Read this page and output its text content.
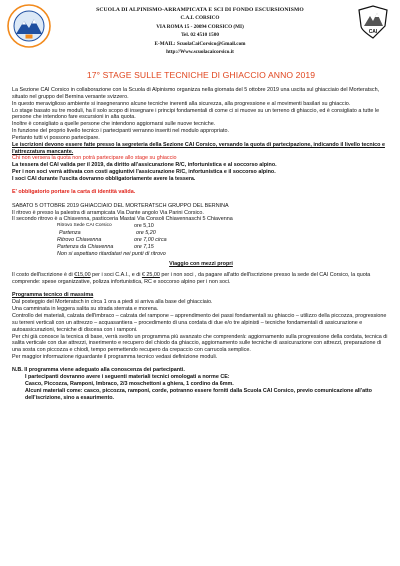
SCUOLA DI ALPINISMO-ARRAMPICATA E SCI DI FONDO ESCURSIONISMO
C.A.I. CORSICO
VIA ROMA 15 - 20094 CORSICO (MI)
Tel. 02 4510 1500
E-MAIL: ScuolaCaiCorsico@Gmail.com
http://Www.scuolacaicorsico.it
CAI
17° STAGE SULLE TECNICHE DI GHIACCIO ANNO 2019

La Sezione CAI Corsico in collaborazione con la Scuola di Alpinismo organizza nella giornata del 5 ottobre 2019 una uscita sul ghiacciaio del Morteratsch, situato nel gruppo del Bernina versante svizzero.

In questo meraviglioso ambiente si insegneranno alcune tecniche inerenti alla sicurezza, alla progressione e al movimenti basilari su ghiaccio.

Lo stage basato su tre moduli, ha il solo scopo di insegnare i principi fondamentali di come ci si muove su un terreno di ghiaccio, ed è consigliato a tutte le persone che intendono fare escursioni in alta quota.

Inoltre è consigliato a quelle persone che intendono aggiornarsi sulle nuove tecniche.

In funzione del proprio livello tecnico i partecipanti verranno inseriti nel modulo appropriato.

Pertanto tutti vi possono partecipare.

Le iscrizioni devono essere fatte presso la segreteria della Sezione CAI Corsico, versando la quota di partecipazione, indicando il livello tecnico e l'attrezzatura mancante.

Chi non versera la quota non potrà partecipare allo stage su ghiaccio

La tessera del CAI valida per il 2019, da diritto all'assicurazione R/C, infortunistica e al soccorso alpino.

Per i non soci verrà attivata con costi aggiuntivi l'assicurazione R/C, infortunistica e il soccorso alpino.

I soci CAI durante l'uscita dovranno obbligatoriamente avere la tessera.

E' obbligatorio portare la carta di identità valida.

SABATO 5 OTTOBRE 2019 GHIACCIAIO DEL MORTERATSCH GRUPPO DEL BERNINA

Il ritrovo è presso la palestra di arrampicata Via Dante angolo Via Parini Corsico.

Il secondo ritrovo è a Chiavenna, pasticceria Mastai Via Consoli Chiavennaschi 5 Chiavenna

Ritrovo Sede CAI Corsico	ore 5,10
Partenza	ore 5,20
Ritrovo Chiavenna	ore 7,00 circa
Partenza da Chiavenna	ore 7,15
Non si aspettano ritardatari nei punti di ritrovo

Viaggio con mezzi propri

Il costo dell'iscrizione è di €15,00 per i soci C.A.I., e di € 25,00 per i non soci , da pagare all'atto dell'iscrizione presso la sede del CAI Corsico, la quota comprende: spese organizzative, polizza infortunistica, RC e soccorso alpino per i non soci.

Programma tecnico di massima

Dal posteggio del Morteratsch in circa 1 ora a piedi si arriva alla base del ghiacciaio.

Una camminata in leggera salita su strada sterrata e morena.

Controllo dei materiali, calzata dell'imbraco – calzata del rampone – apprendimento dei passi fondamentali su ghiaccio – utilizzo della piccozza, progressione su terreni verticali con un attrezzo – acquasantiera – procedimento di una cordata di due e/o tre alpinisti – tecniche fondamentali di assicurazione e autoassicurazioni, tecniche di discesa con i ramponi.

Per chi già conosce la tecnica di base, verrà svolto un programma più avanzato che comprenderà: aggiornamento sulla progressione della cordata, tecnica di salita verticale con due attrezzi, inserimento e recupero del chiodo da ghiaccio, aggiornamento sulle tecniche di assicurazione con attrezzi, preparazione di una sosta con piccozza e chiodi, tempo permettendo recupero da crepaccio con carrucola semplice.

Per maggior informazione riguardante il programma tecnico vedasi definizione moduli.

N.B. Il programma viene adeguato alla conoscenza dei partecipanti.

I partecipanti dovranno avere i seguenti materiali tecnici omologati a norme CE:

Casco, Piccozza, Ramponi, Imbraco, 2/3 moschettoni a ghiera, 1 cordino da 6mm.

Alcuni materiali come: casco, piccozza, ramponi, corde, potranno essere forniti dalla Scuola CAI Corsico, previo comunicazione all'atto dell'iscrizione, sino a esaurimento.
